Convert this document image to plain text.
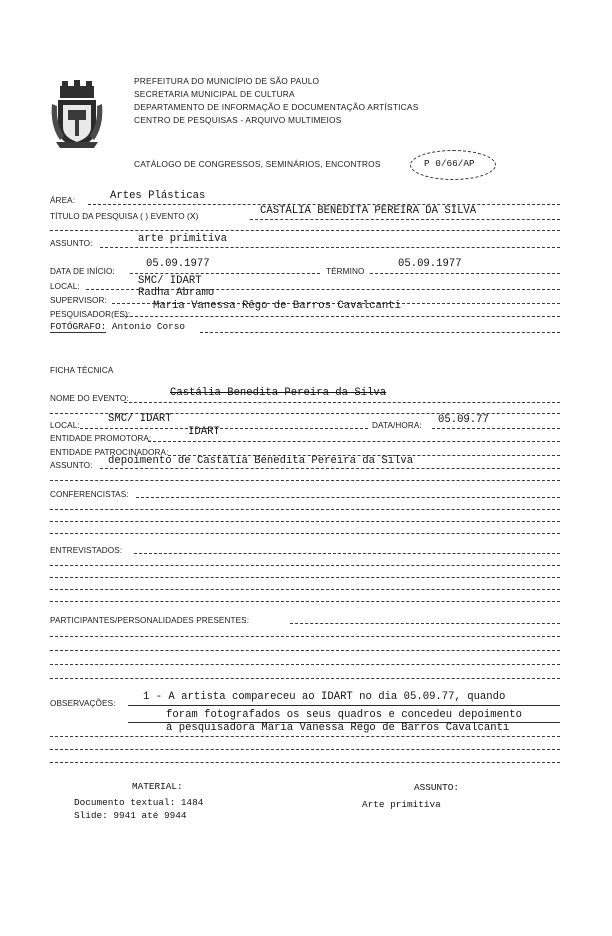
PREFEITURA DO MUNICÍPIO DE SÃO PAULO
SECRETARIA MUNICIPAL DE CULTURA
DEPARTAMENTO DE INFORMAÇÃO E DOCUMENTAÇÃO ARTÍSTICAS
CENTRO DE PESQUISAS - ARQUIVO MULTIMEIOS
CATÁLOGO DE CONGRESSOS, SEMINÁRIOS, ENCONTROS	P 0/66/AP
ÁREA:	Artes Plásticas
TÍTULO DA PESQUISA ( ) EVENTO (X)	CASTÁLIA BENEDITA PEREIRA DA SILVA
ASSUNTO:	arte primitiva
DATA DE INÍCIO:
05.09.1977
TÉRMINO
05.09.1977
LOCAL:	SMC/ IDART
SUPERVISOR:
Radha Abramo
PESQUISADOR(ES):
Maria Vanessa Rêgo de Barros Cavalcanti
FOTÓGRAFO: Antonio Corso
FICHA TÉCNICA
NOME DO EVENTO:	Castália Benedita Pereira da Silva
LOCAL:
SMC/ IDART
DATA/HORA: 05.09.77
ENTIDADE PROMOTORA:
IDART
ENTIDADE PATROCINADORA:
ASSUNTO: depoimento de Castália Benedita Pereira da Silva
CONFERENCISTAS:
ENTREVISTADOS:
PARTICIPANTES/PERSONALIDADES PRESENTES:
OBSERVAÇÕES:
1 - A artista compareceu ao IDART no dia 05.09.77, quando
foram fotografados os seus quadros e concedeu depoimento
à pesquisadora Maria Vanessa Rêgo de Barros Cavalcanti
MATERIAL:
Documento textual: 1484
Slide: 9941 até 9944
ASSUNTO:
Arte primitiva
